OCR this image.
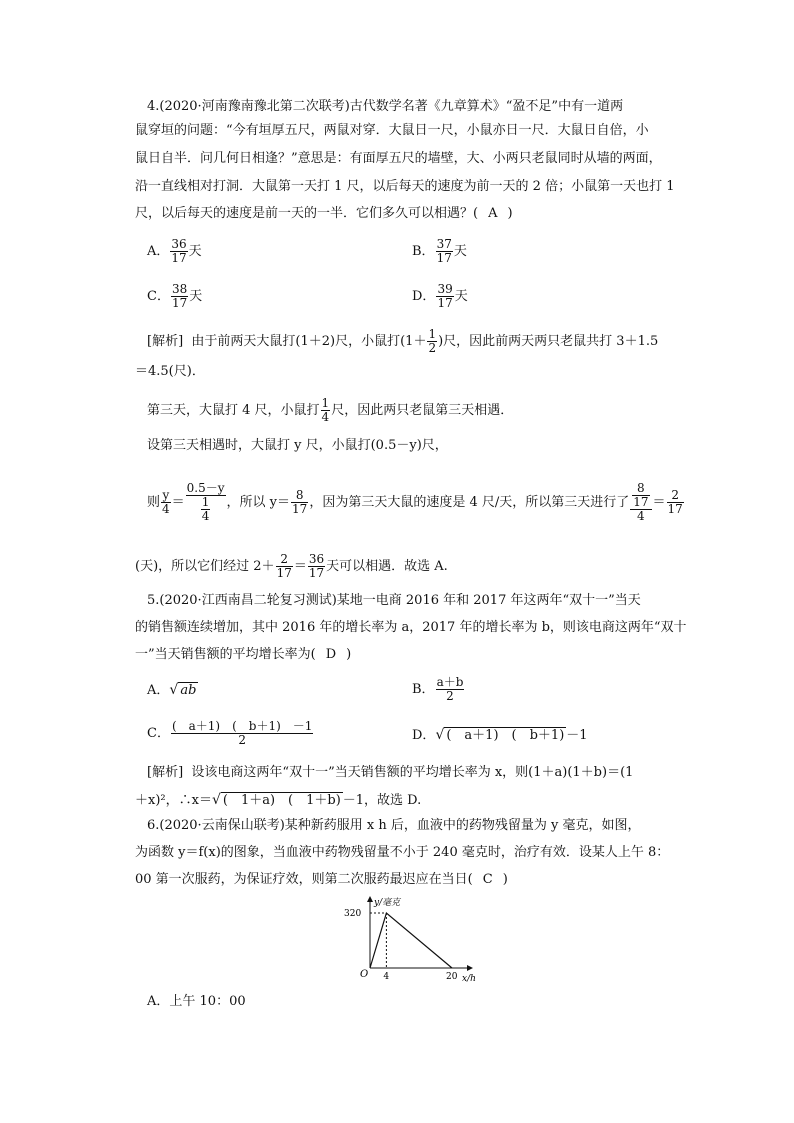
4.(2020·河南豫南豫北第二次联考)古代数学名著《九章算术》“盈不足”中有一道两
鼠穿垣的问题：“今有垣厚五尺，两鼠对穿．大鼠日一尺，小鼠亦日一尺．大鼠日自倍，小
鼠日自半．问几何日相逢？”意思是：有面厚五尺的墙壁，大、小两只老鼠同时从墙的两面，
沿一直线相对打洞．大鼠第一天打 1 尺，以后每天的速度为前一天的 2 倍；小鼠第一天也打 1
尺，以后每天的速度是前一天的一半．它们多久可以相遇？( A )
A． $\frac{36}{17}$ 天	B． $\frac{37}{17}$ 天
C． $\frac{38}{17}$ 天	D． $\frac{39}{17}$ 天
[解析] 由于前两天大鼠打(1＋2)尺，小鼠打($1+ \frac{1}{2}$ )尺，因此前两天两只老鼠共打 3＋1.5
＝4.5(尺)．
第三天，大鼠打 4 尺，小鼠打 $\frac{1}{4}$ 尺，因此两只老鼠第三天相遇．
设第三天相遇时，大鼠打 y 尺，小鼠打(0.5－y)尺，
则 $\frac{y}{4} = \frac{0.5-y}{\frac{1}{4}}$ ，所以 $y= \frac{8}{17}$ ，因为第三天大鼠的速度是 4 尺/天，所以第三天进行了 $\frac{\frac{8}{17}}{4} = \frac{2}{17}$
(天)，所以它们经过 $2+ \frac{2}{17} = \frac{36}{17}$ 天可以相遇．故选 A.
5.(2020·江西南昌二轮复习测试)某地一电商 2016 年和 2017 年这两年“双十一”当天
的销售额连续增加，其中 2016 年的增长率为 a，2017 年的增长率为 b，则该电商这两年“双十
一”当天销售额的平均增长率为( D )
A．√ ab	B． $\frac{a+b}{2}$
C． $\frac{( a+1) ( b+1) -1}{2}$	D．√ (　a＋1)　(　b＋1) －1
[解析] 设该电商这两年“双十一”当天销售额的平均增长率为 x，则(1＋a)(1＋b)＝(1
＋x)²，∴x＝√ (　1＋a)　(　1＋b) －1，故选 D.
6.(2020·云南保山联考)某种新药服用 x h 后，血液中的药物残留量为 y 毫克，如图，
为函数 y＝f(x)的图象，当血液中药物残留量不小于 240 毫克时，治疗有效．设某人上午 8：
00 第一次服药，为保证疗效，则第二次服药最迟应在当日( C )
y/毫克
x/h
O
320
4	20
A．上午 10：00
